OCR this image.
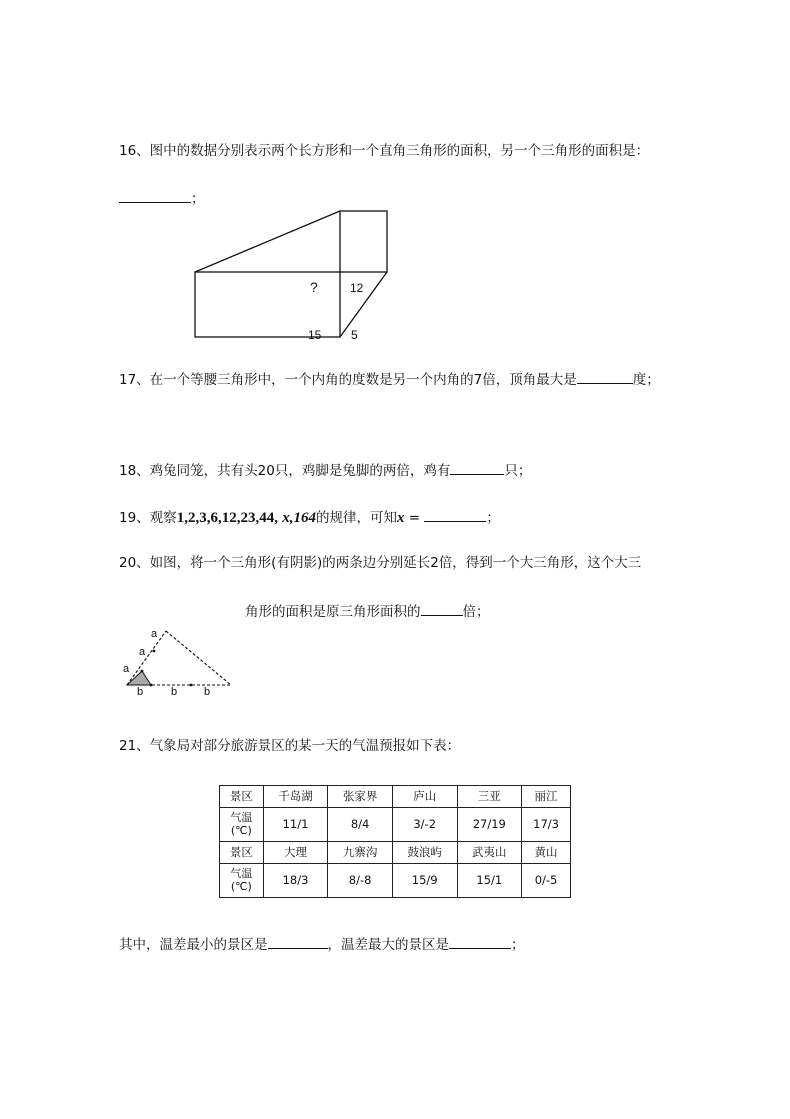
16、图中的数据分别表示两个长方形和一个直角三角形的面积，另一个三角形的面积是：
；
?	12
15 5
17、在一个等腰三角形中，一个内角的度数是另一个内角的7倍，顶角最大是	度；
18、鸡兔同笼，共有头20只，鸡脚是兔脚的两倍，鸡有	只；
19、观察1,2,3,6,12,23,44, x,164的规律，可知x =	；
20、如图，将一个三角形(有阴影)的两条边分别延长2倍，得到一个大三角形，这个大三
角形的面积是原三角形面积的	倍；
a
a
a
b	b b
21、气象局对部分旅游景区的某一天的气温预报如下表：
景区	千岛湖	张家界	庐山	三亚	丽江
气温
(℃)	11/1	8/4	3/-2	27/19	17/3
景区	大理	九寨沟	鼓浪屿	武夷山	黄山
气温
(℃)	18/3	8/-8	15/9	15/1	0/-5
其中，温差最小的景区是	，温差最大的景区是	；
